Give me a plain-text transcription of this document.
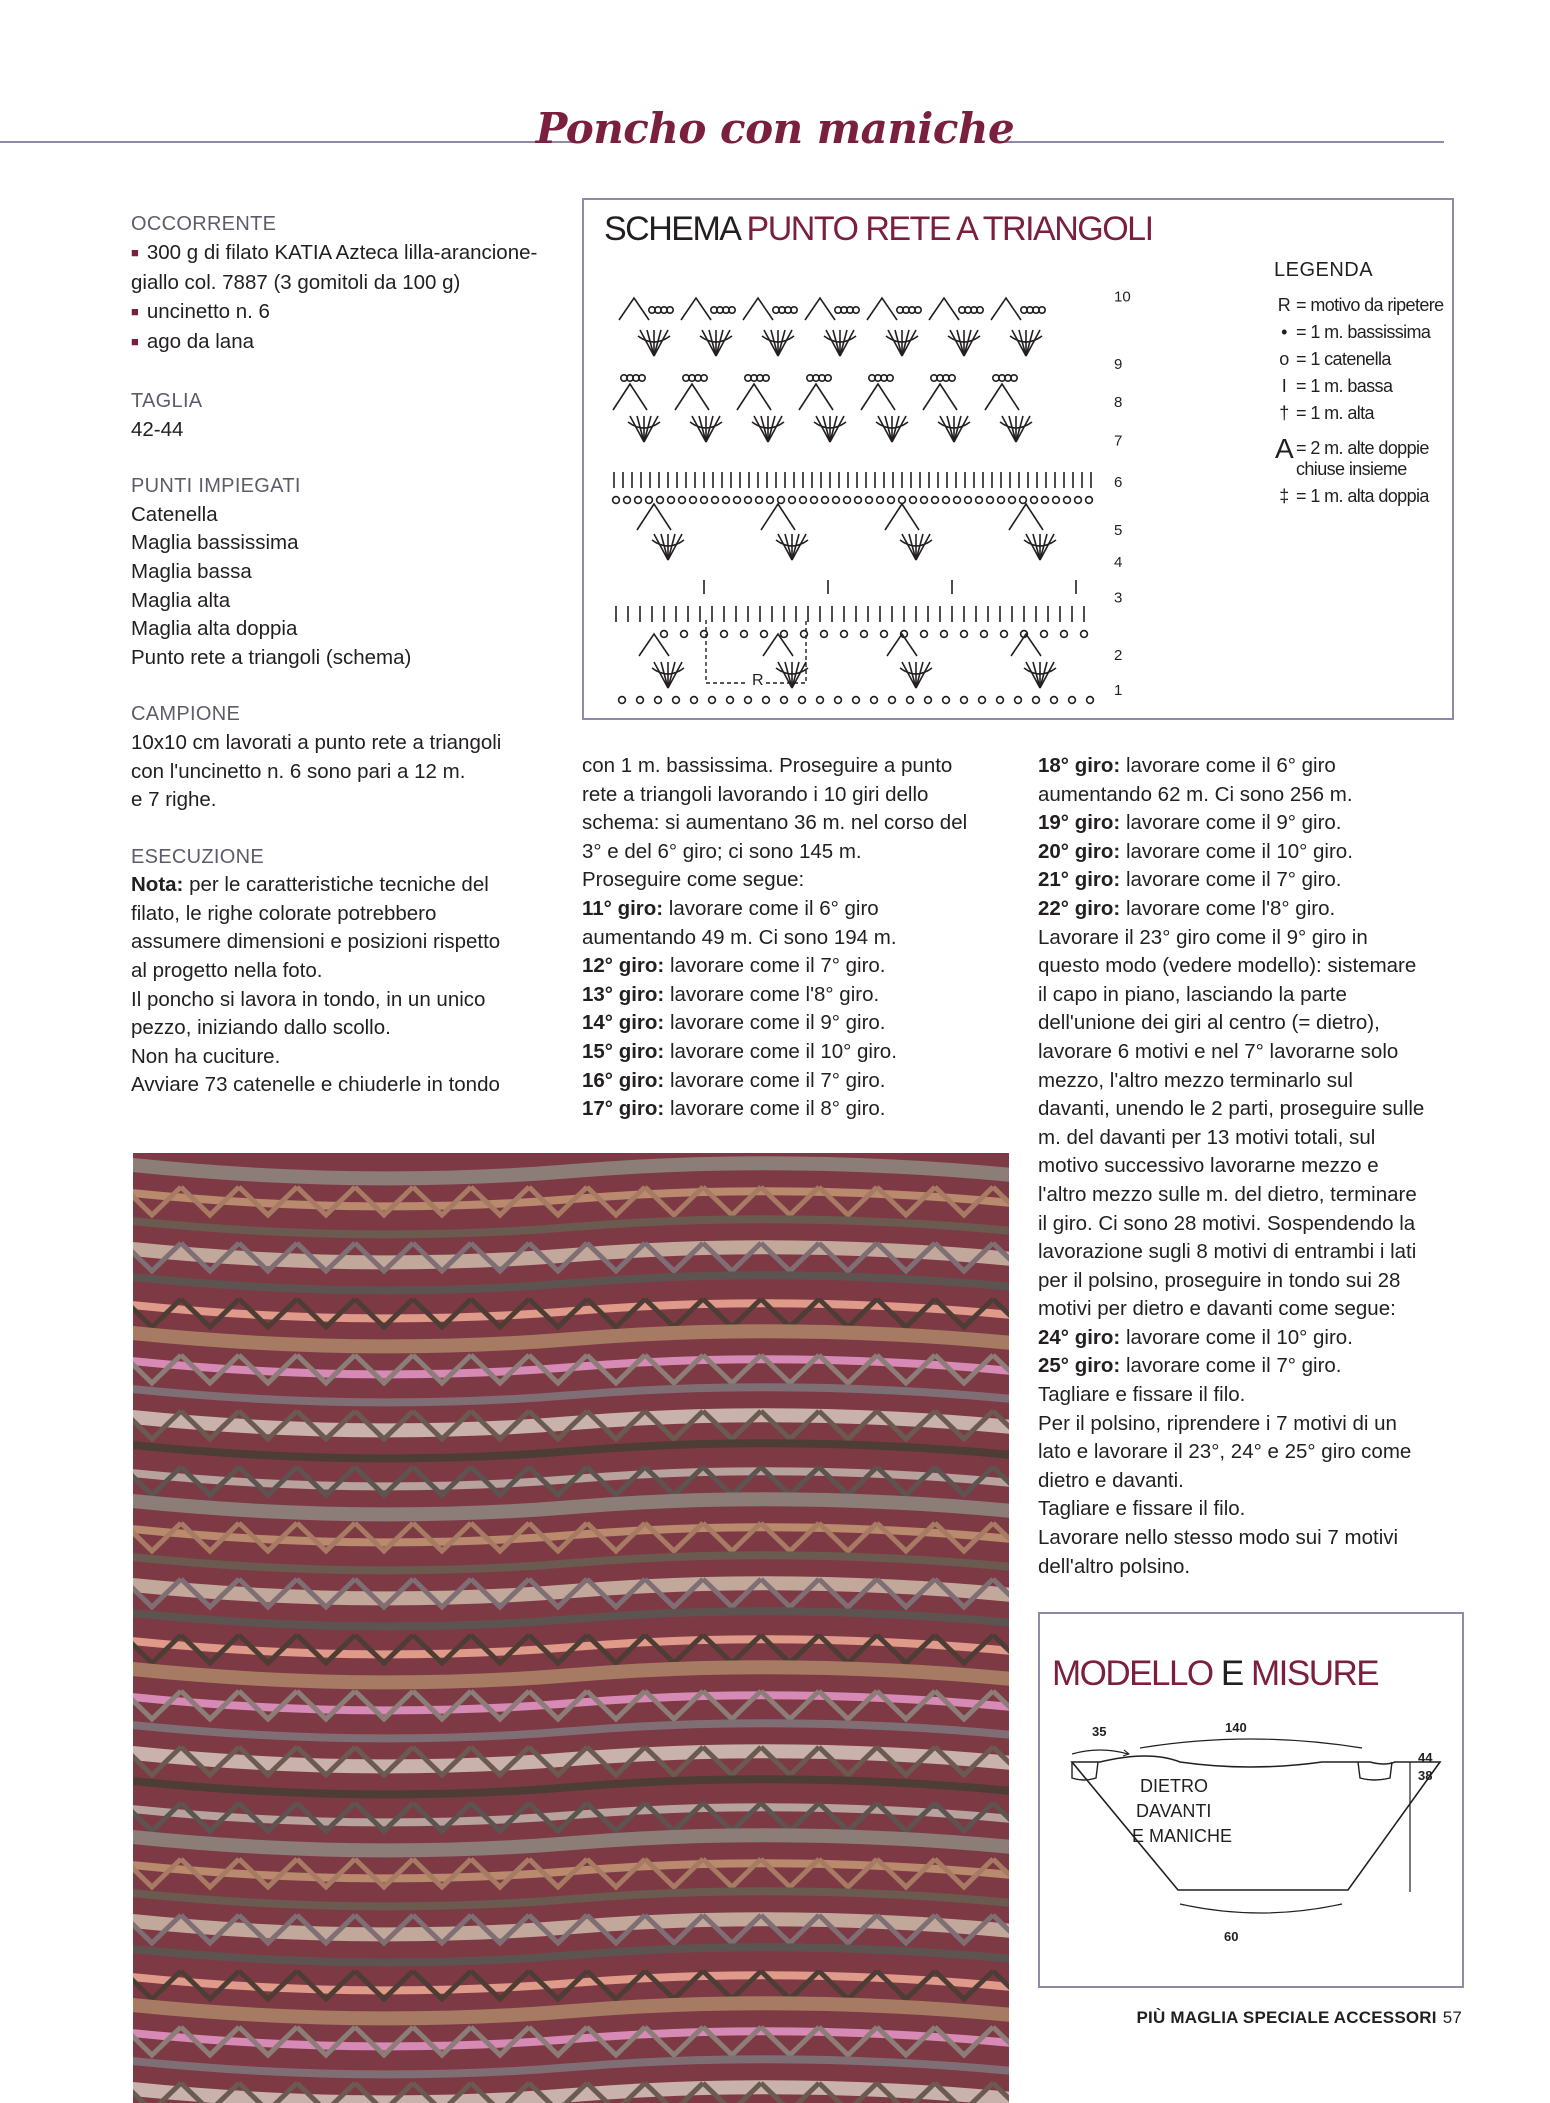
Poncho con maniche

OCCORRENTE

■ 300 g di filato KATIA Azteca lilla-arancione-giallo col. 7887 (3 gomitoli da 100 g)

■ uncinetto n. 6

■ ago da lana

TAGLIA

42-44

PUNTI IMPIEGATI

Catenella

Maglia bassissima

Maglia bassa

Maglia alta

Maglia alta doppia

Punto rete a triangoli (schema)

CAMPIONE

10x10 cm lavorati a punto rete a triangoli

con l'uncinetto n. 6 sono pari a 12 m.

e 7 righe.

ESECUZIONE

Nota: per le caratteristiche tecniche del

filato, le righe colorate potrebbero

assumere dimensioni e posizioni rispetto

al progetto nella foto.

Il poncho si lavora in tondo, in un unico

pezzo, iniziando dallo scollo.

Non ha cuciture.

Avviare 73 catenelle e chiuderle in tondo

SCHEMA PUNTO RETE A TRIANGOLI
10
9
8
7
6
5
4
3
2
1
R
LEGENDA
R = motivo da ripetere
• = 1 m. bassissima
o = 1 catenella
I = 1 m. bassa
† = 1 m. alta
A = 2 m. alte doppie chiuse insieme
‡ = 1 m. alta doppia

con 1 m. bassissima. Proseguire a punto

rete a triangoli lavorando i 10 giri dello

schema: si aumentano 36 m. nel corso del

3° e del 6° giro; ci sono 145 m.

Proseguire come segue:

11° giro: lavorare come il 6° giro

aumentando 49 m. Ci sono 194 m.

12° giro: lavorare come il 7° giro.

13° giro: lavorare come l'8° giro.

14° giro: lavorare come il 9° giro.

15° giro: lavorare come il 10° giro.

16° giro: lavorare come il 7° giro.

17° giro: lavorare come il 8° giro.

18° giro: lavorare come il 6° giro

aumentando 62 m. Ci sono 256 m.

19° giro: lavorare come il 9° giro.

20° giro: lavorare come il 10° giro.

21° giro: lavorare come il 7° giro.

22° giro: lavorare come l'8° giro.

Lavorare il 23° giro come il 9° giro in

questo modo (vedere modello): sistemare

il capo in piano, lasciando la parte

dell'unione dei giri al centro (= dietro),

lavorare 6 motivi e nel 7° lavorarne solo

mezzo, l'altro mezzo terminarlo sul

davanti, unendo le 2 parti, proseguire sulle

m. del davanti per 13 motivi totali, sul

motivo successivo lavorarne mezzo e

l'altro mezzo sulle m. del dietro, terminare

il giro. Ci sono 28 motivi. Sospendendo la

lavorazione sugli 8 motivi di entrambi i lati

per il polsino, proseguire in tondo sui 28

motivi per dietro e davanti come segue:

24° giro: lavorare come il 10° giro.

25° giro: lavorare come il 7° giro.

Tagliare e fissare il filo.

Per il polsino, riprendere i 7 motivi di un

lato e lavorare il 23°, 24° e 25° giro come

dietro e davanti.

Tagliare e fissare il filo.

Lavorare nello stesso modo sui 7 motivi

dell'altro polsino.

MODELLO E MISURE
35	140
44
38
60
DIETRO
DAVANTI
E MANICHE
PIÙ MAGLIA SPECIALE ACCESSORI 57
